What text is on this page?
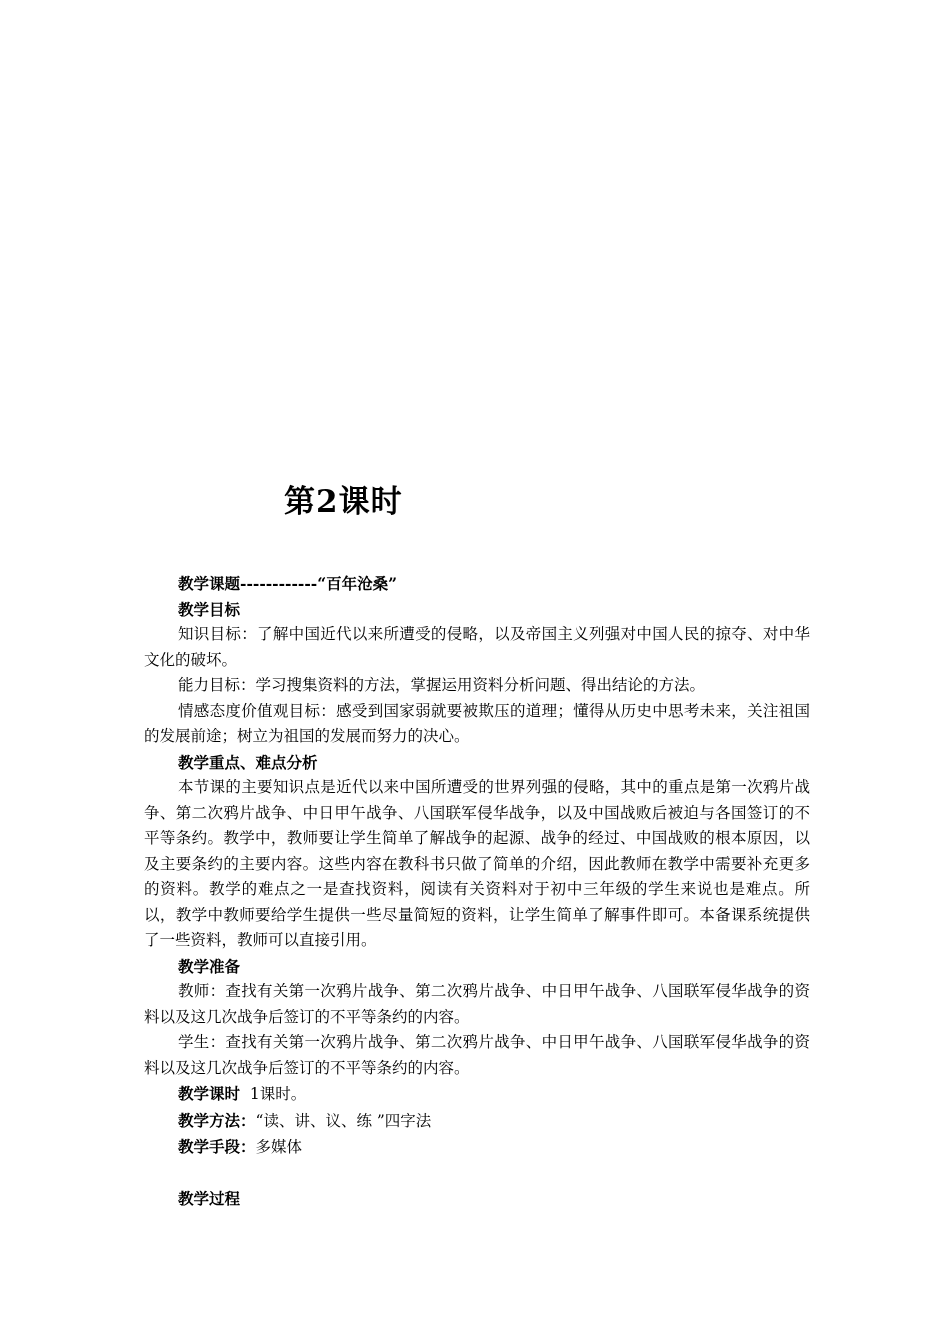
第2课时

教学课题------------“百年沧桑”

教学目标

知识目标：了解中国近代以来所遭受的侵略，以及帝国主义列强对中国人民的掠夺、对中华文化的破坏。

能力目标：学习搜集资料的方法，掌握运用资料分析问题、得出结论的方法。

情感态度价值观目标：感受到国家弱就要被欺压的道理；懂得从历史中思考未来，关注祖国的发展前途；树立为祖国的发展而努力的决心。

教学重点、难点分析

本节课的主要知识点是近代以来中国所遭受的世界列强的侵略，其中的重点是第一次鸦片战争、第二次鸦片战争、中日甲午战争、八国联军侵华战争，以及中国战败后被迫与各国签订的不平等条约。教学中，教师要让学生简单了解战争的起源、战争的经过、中国战败的根本原因，以及主要条约的主要内容。这些内容在教科书只做了简单的介绍，因此教师在教学中需要补充更多的资料。教学的难点之一是查找资料，阅读有关资料对于初中三年级的学生来说也是难点。所以，教学中教师要给学生提供一些尽量简短的资料，让学生简单了解事件即可。本备课系统提供了一些资料，教师可以直接引用。

教学准备

教师：查找有关第一次鸦片战争、第二次鸦片战争、中日甲午战争、八国联军侵华战争的资料以及这几次战争后签订的不平等条约的内容。

学生：查找有关第一次鸦片战争、第二次鸦片战争、中日甲午战争、八国联军侵华战争的资料以及这几次战争后签订的不平等条约的内容。

教学课时  1课时。

教学方法：“读、讲、议、练 ”四字法

教学手段：多媒体

教学过程
